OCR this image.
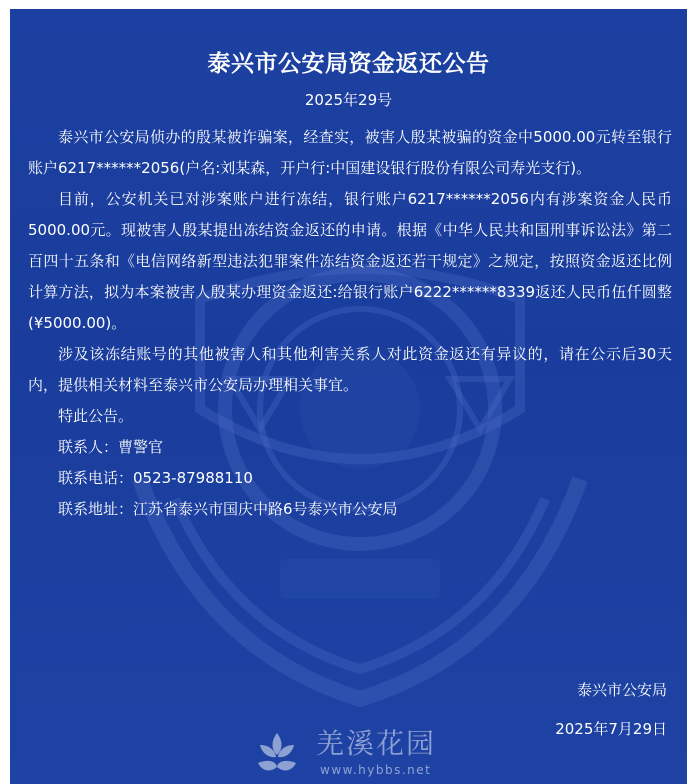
泰兴市公安局资金返还公告
2025年29号

泰兴市公安局侦办的殷某被诈骗案，经查实，被害人殷某被骗的资金中5000.00元转至银行账户6217******2056(户名:刘某森，开户行:中国建设银行股份有限公司寿光支行)。

目前，公安机关已对涉案账户进行冻结，银行账户6217******2056内有涉案资金人民币5000.00元。现被害人殷某提出冻结资金返还的申请。根据《中华人民共和国刑事诉讼法》第二百四十五条和《电信网络新型违法犯罪案件冻结资金返还若干规定》之规定，按照资金返还比例计算方法，拟为本案被害人殷某办理资金返还:给银行账户6222******8339返还人民币伍仟圆整(¥5000.00)。

涉及该冻结账号的其他被害人和其他利害关系人对此资金返还有异议的，请在公示后30天内，提供相关材料至泰兴市公安局办理相关事宜。

特此公告。

联系人：曹警官

联系电话：0523-87988110

联系地址：江苏省泰兴市国庆中路6号泰兴市公安局

泰兴市公安局
2025年7月29日
羌溪花园
www.hybbs.net
